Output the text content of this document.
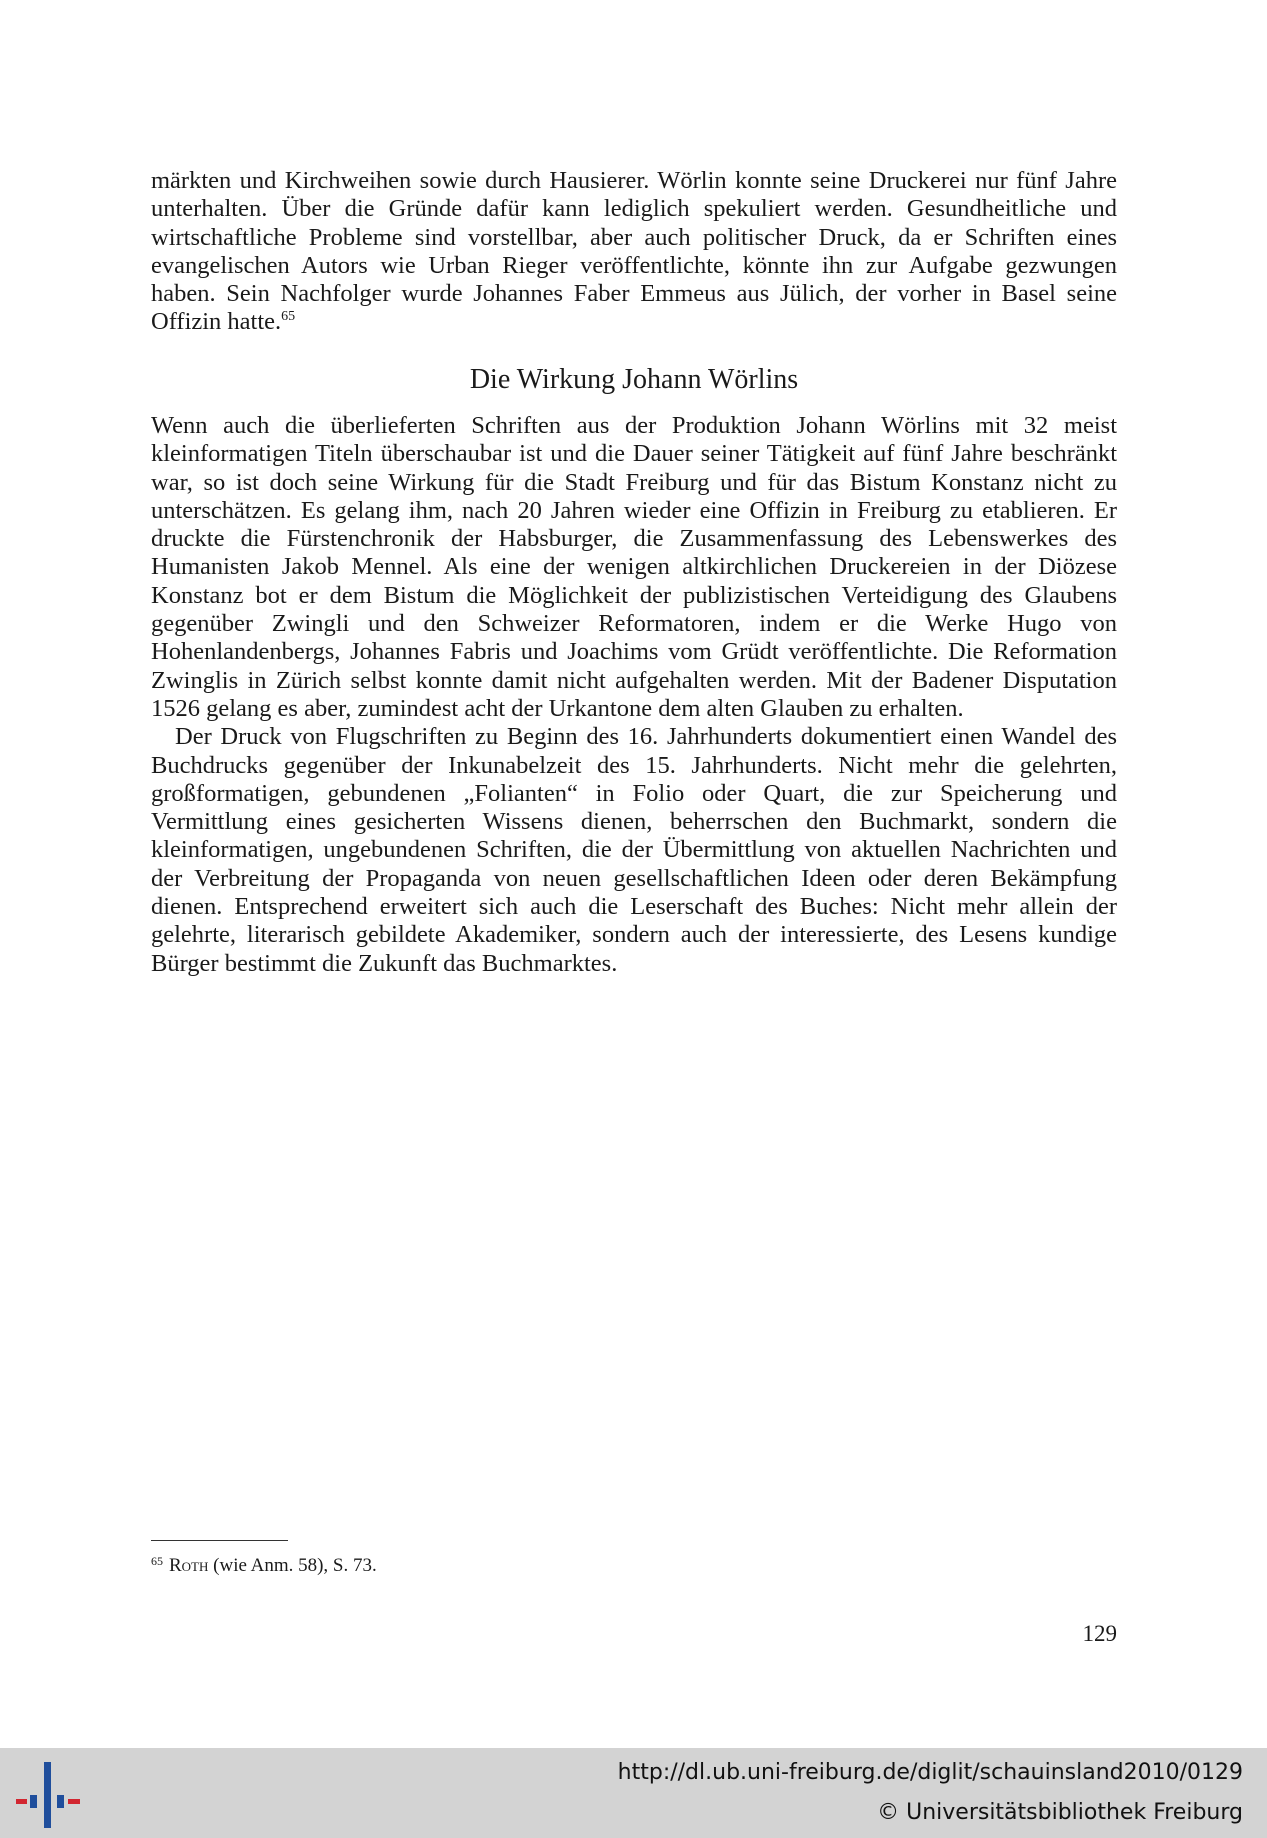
märkten und Kirchweihen sowie durch Hausierer. Wörlin konnte seine Druckerei nur fünf Jahre unterhalten. Über die Gründe dafür kann lediglich spekuliert werden. Gesundheitliche und wirtschaftliche Probleme sind vorstellbar, aber auch politischer Druck, da er Schriften eines evangelischen Autors wie Urban Rieger veröffentlichte, könnte ihn zur Aufgabe gezwungen haben. Sein Nachfolger wurde Johannes Faber Emmeus aus Jülich, der vorher in Basel seine Offizin hatte.$^{65}$
Die Wirkung Johann Wörlins

Wenn auch die überlieferten Schriften aus der Produktion Johann Wörlins mit 32 meist kleinformatigen Titeln überschaubar ist und die Dauer seiner Tätigkeit auf fünf Jahre beschränkt war, so ist doch seine Wirkung für die Stadt Freiburg und für das Bistum Konstanz nicht zu unterschätzen. Es gelang ihm, nach 20 Jahren wieder eine Offizin in Freiburg zu etablieren. Er druckte die Fürstenchronik der Habsburger, die Zusammenfassung des Lebenswerkes des Humanisten Jakob Mennel. Als eine der wenigen altkirchlichen Druckereien in der Diözese Konstanz bot er dem Bistum die Möglichkeit der publizistischen Verteidigung des Glaubens gegenüber Zwingli und den Schweizer Reformatoren, indem er die Werke Hugo von Hohenlandenbergs, Johannes Fabris und Joachims vom Grüdt veröffentlichte. Die Reformation Zwinglis in Zürich selbst konnte damit nicht aufgehalten werden. Mit der Badener Disputation 1526 gelang es aber, zumindest acht der Urkantone dem alten Glauben zu erhalten.

Der Druck von Flugschriften zu Beginn des 16. Jahrhunderts dokumentiert einen Wandel des Buchdrucks gegenüber der Inkunabelzeit des 15. Jahrhunderts. Nicht mehr die gelehrten, großformatigen, gebundenen „Folianten“ in Folio oder Quart, die zur Speicherung und Vermittlung eines gesicherten Wissens dienen, beherrschen den Buchmarkt, sondern die kleinformatigen, ungebundenen Schriften, die der Übermittlung von aktuellen Nachrichten und der Verbreitung der Propaganda von neuen gesellschaftlichen Ideen oder deren Bekämpfung dienen. Entsprechend erweitert sich auch die Leserschaft des Buches: Nicht mehr allein der gelehrte, literarisch gebildete Akademiker, sondern auch der interessierte, des Lesens kundige Bürger bestimmt die Zukunft das Buchmarktes.

$^{65}$ Roth (wie Anm. 58), S. 73.
129
http://dl.ub.uni-freiburg.de/diglit/schauinsland2010/0129
© Universitätsbibliothek Freiburg
